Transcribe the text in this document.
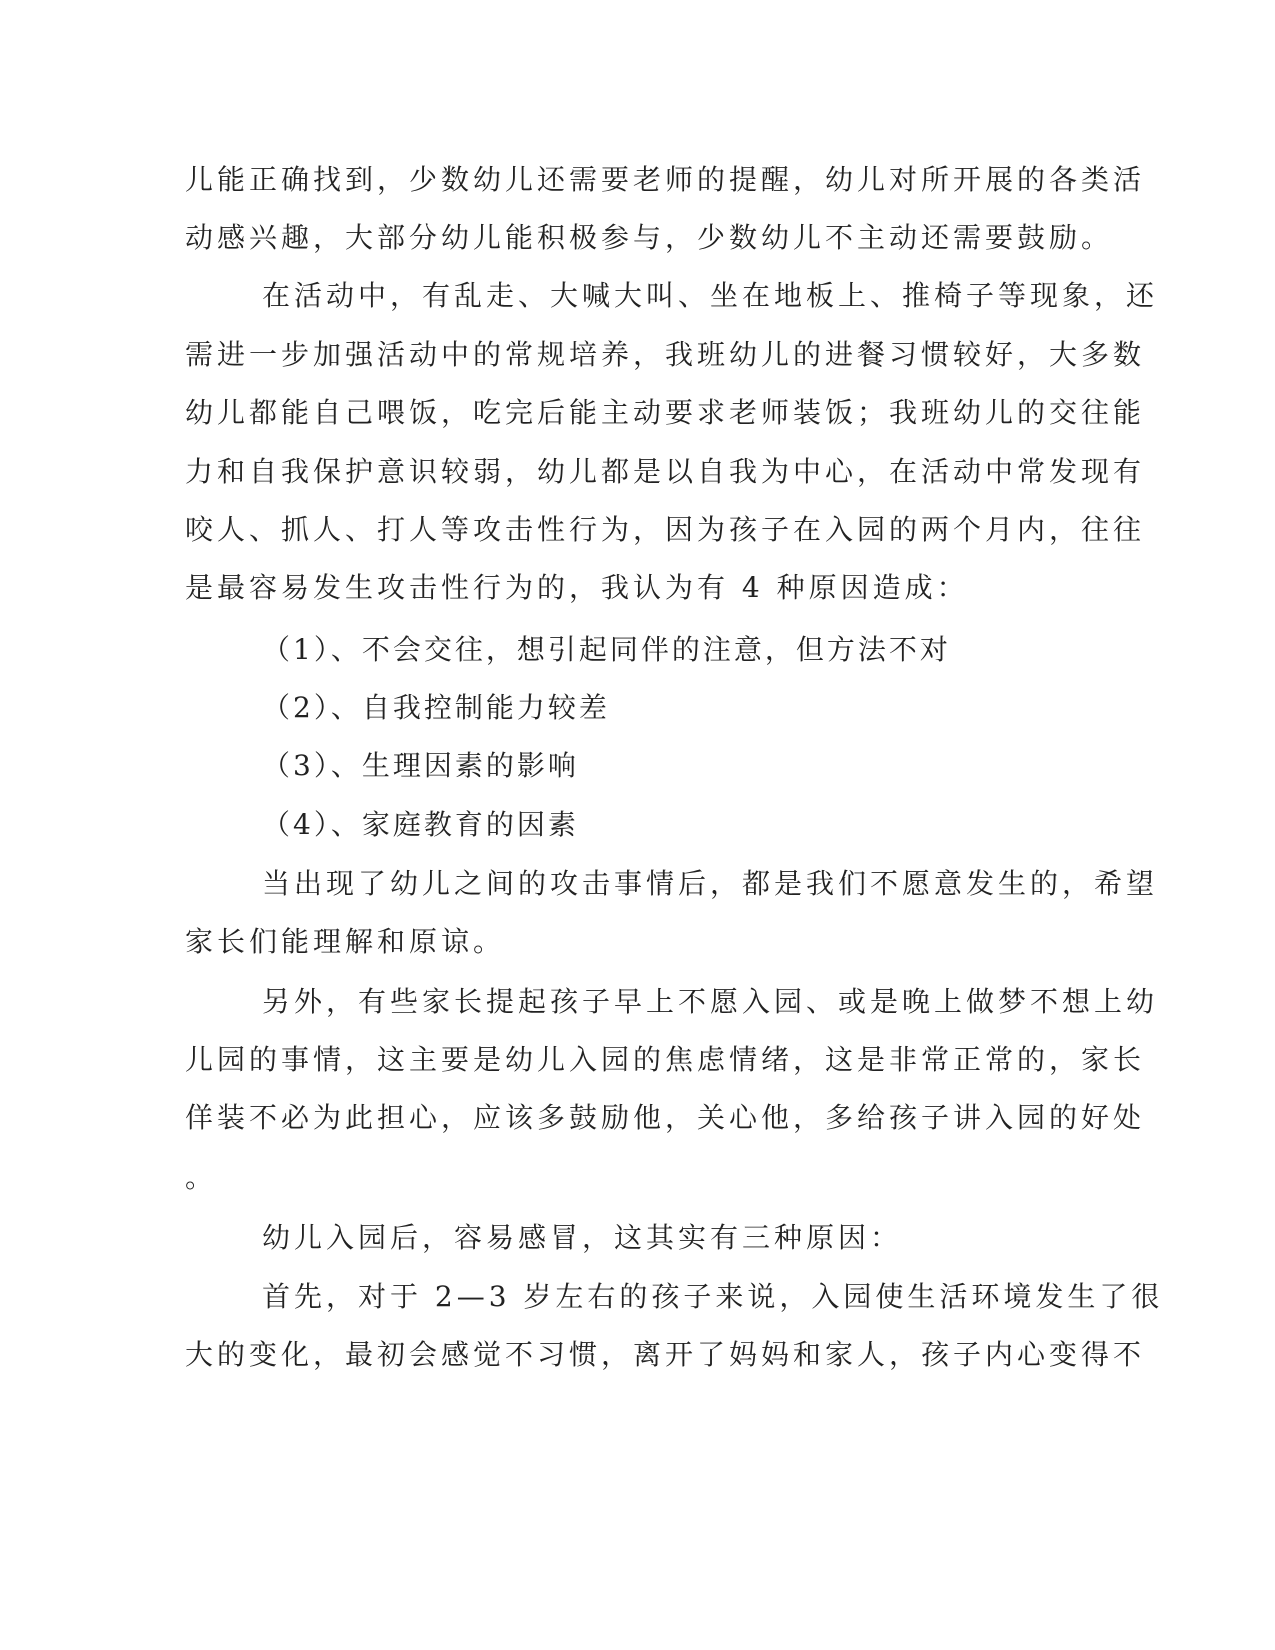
儿能正确找到，少数幼儿还需要老师的提醒，幼儿对所开展的各类活
动感兴趣，大部分幼儿能积极参与，少数幼儿不主动还需要鼓励。
在活动中，有乱走、大喊大叫、坐在地板上、推椅子等现象，还
需进一步加强活动中的常规培养，我班幼儿的进餐习惯较好，大多数
幼儿都能自己喂饭，吃完后能主动要求老师装饭；我班幼儿的交往能
力和自我保护意识较弱，幼儿都是以自我为中心，在活动中常发现有
咬人、抓人、打人等攻击性行为，因为孩子在入园的两个月内，往往
是最容易发生攻击性行为的，我认为有 4 种原因造成：
（1）、不会交往，想引起同伴的注意，但方法不对
（2）、自我控制能力较差
（3）、生理因素的影响
（4）、家庭教育的因素
当出现了幼儿之间的攻击事情后，都是我们不愿意发生的，希望
家长们能理解和原谅。
另外，有些家长提起孩子早上不愿入园、或是晚上做梦不想上幼
儿园的事情，这主要是幼儿入园的焦虑情绪，这是非常正常的，家长
佯装不必为此担心，应该多鼓励他，关心他，多给孩子讲入园的好处
。
幼儿入园后，容易感冒，这其实有三种原因：
首先，对于 2—3 岁左右的孩子来说，入园使生活环境发生了很
大的变化，最初会感觉不习惯，离开了妈妈和家人，孩子内心变得不
